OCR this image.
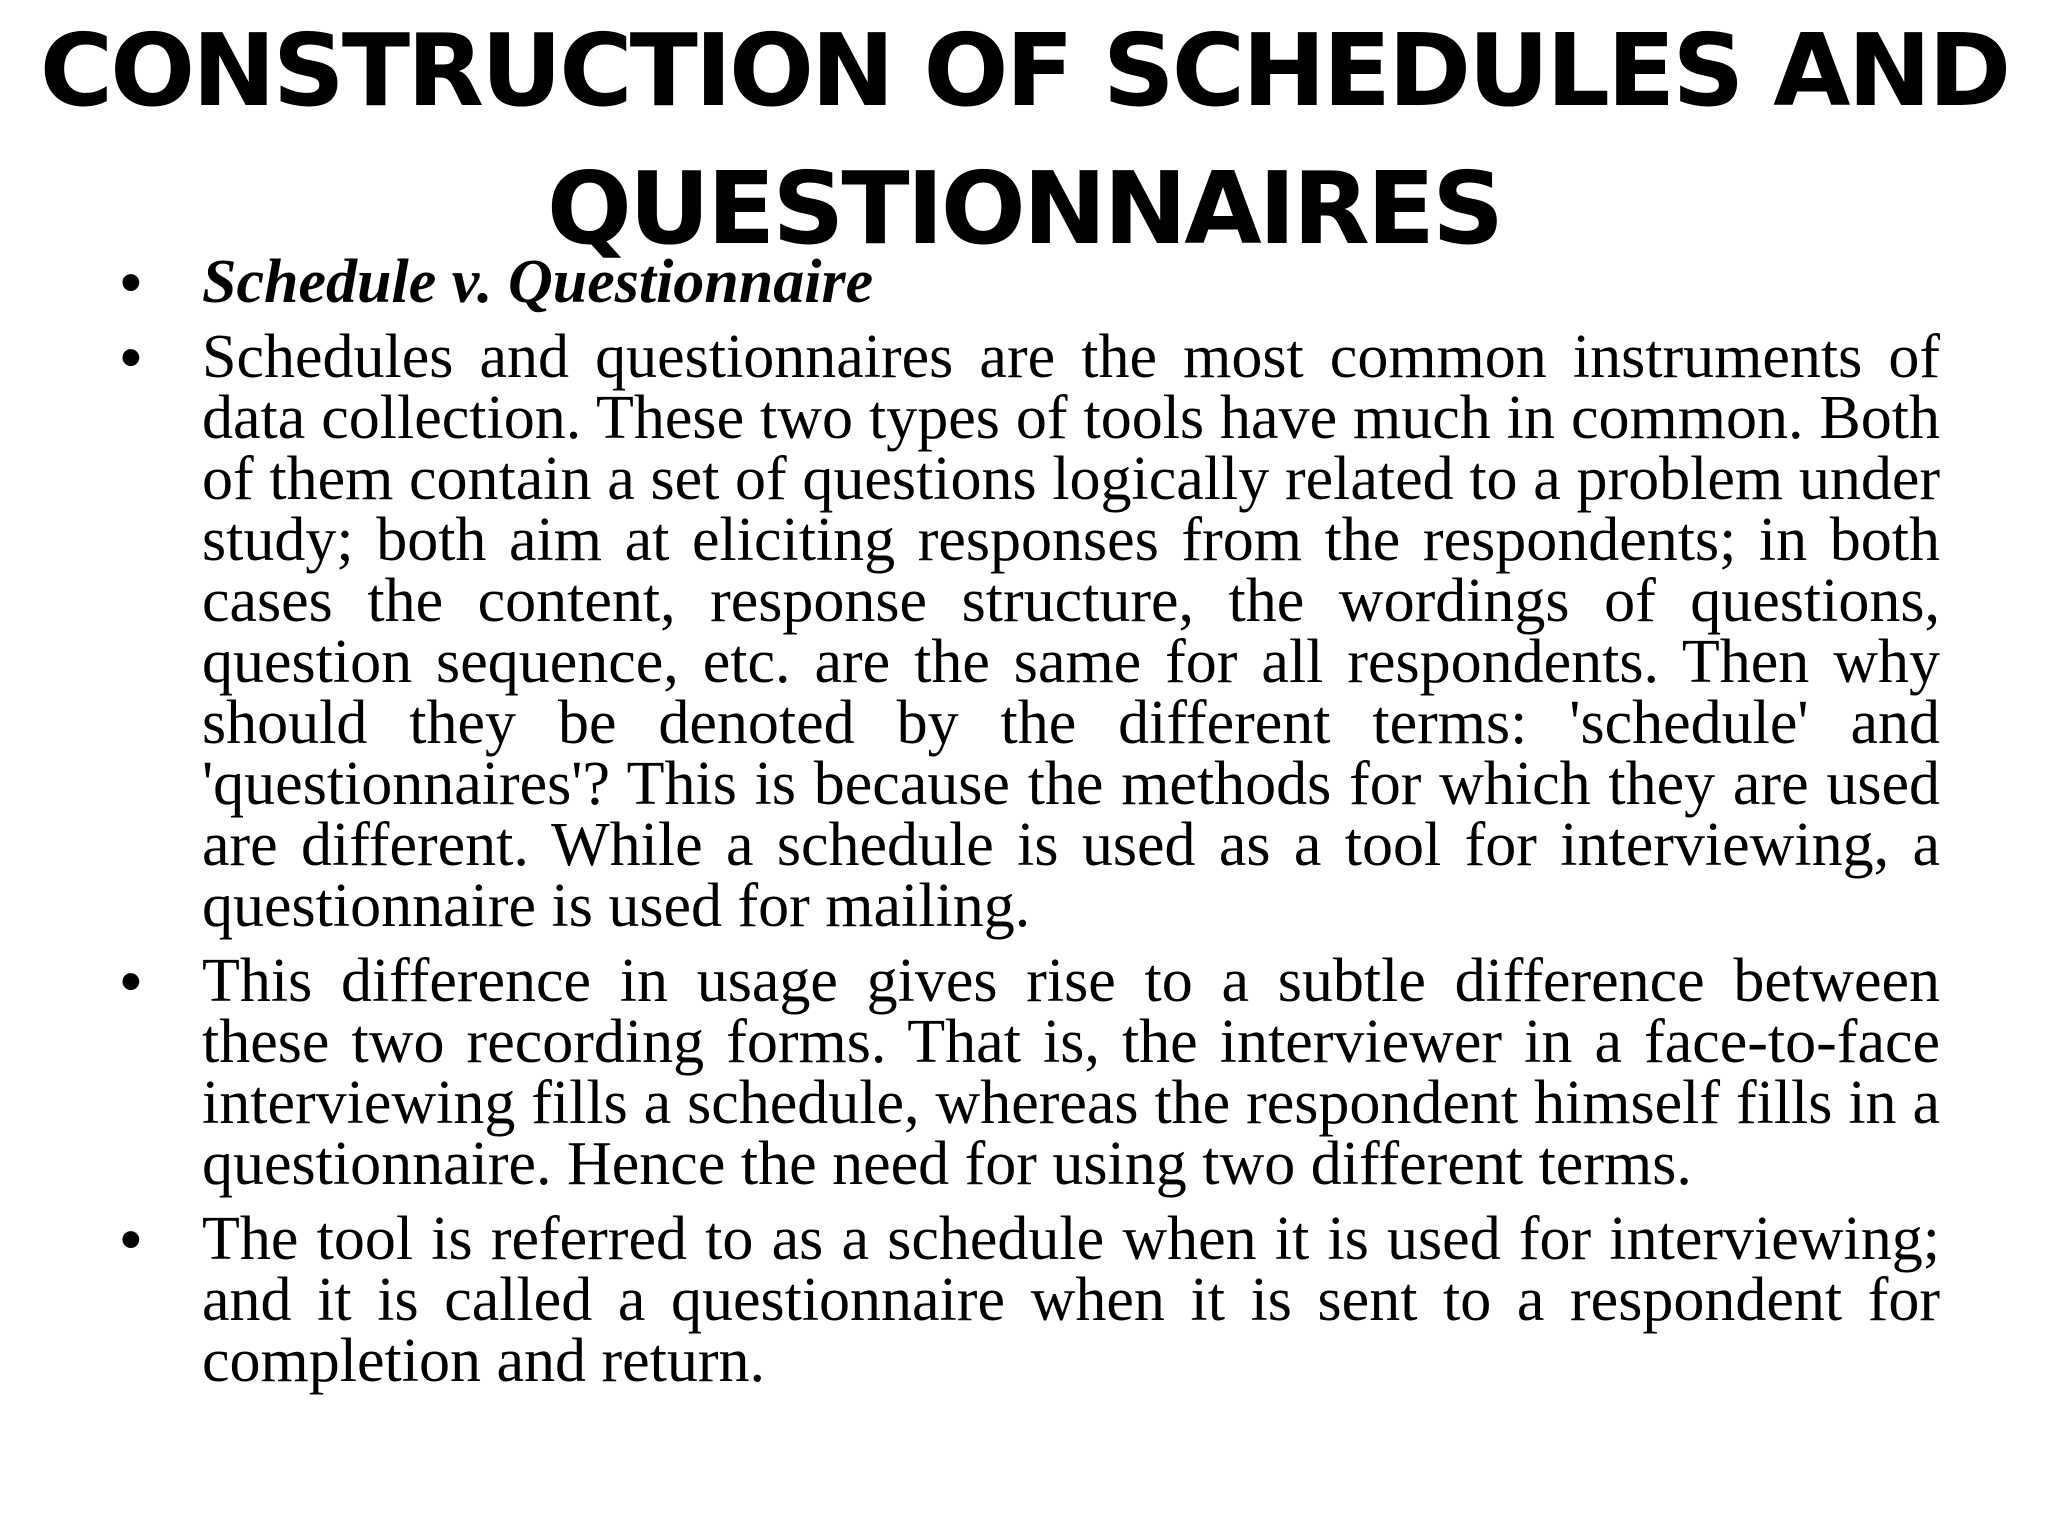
CONSTRUCTION OF SCHEDULES AND
QUESTIONNAIRES
• Schedule v. Questionnaire
• Schedules and questionnaires are the most common instruments of data collection. These two types of tools have much in common. Both of them contain a set of questions logically related to a problem under study; both aim at eliciting responses from the respondents; in both cases the content, response structure, the wordings of questions, question sequence, etc. are the same for all respondents. Then why should they be denoted by the different terms: 'schedule' and 'questionnaires'? This is because the methods for which they are used are different. While a schedule is used as a tool for interviewing, a questionnaire is used for mailing.
• This difference in usage gives rise to a subtle difference between these two recording forms. That is, the interviewer in a face-to-face interviewing fills a schedule, whereas the respondent himself fills in a questionnaire. Hence the need for using two different terms.
• The tool is referred to as a schedule when it is used for interviewing; and it is called a questionnaire when it is sent to a respondent for completion and return.
